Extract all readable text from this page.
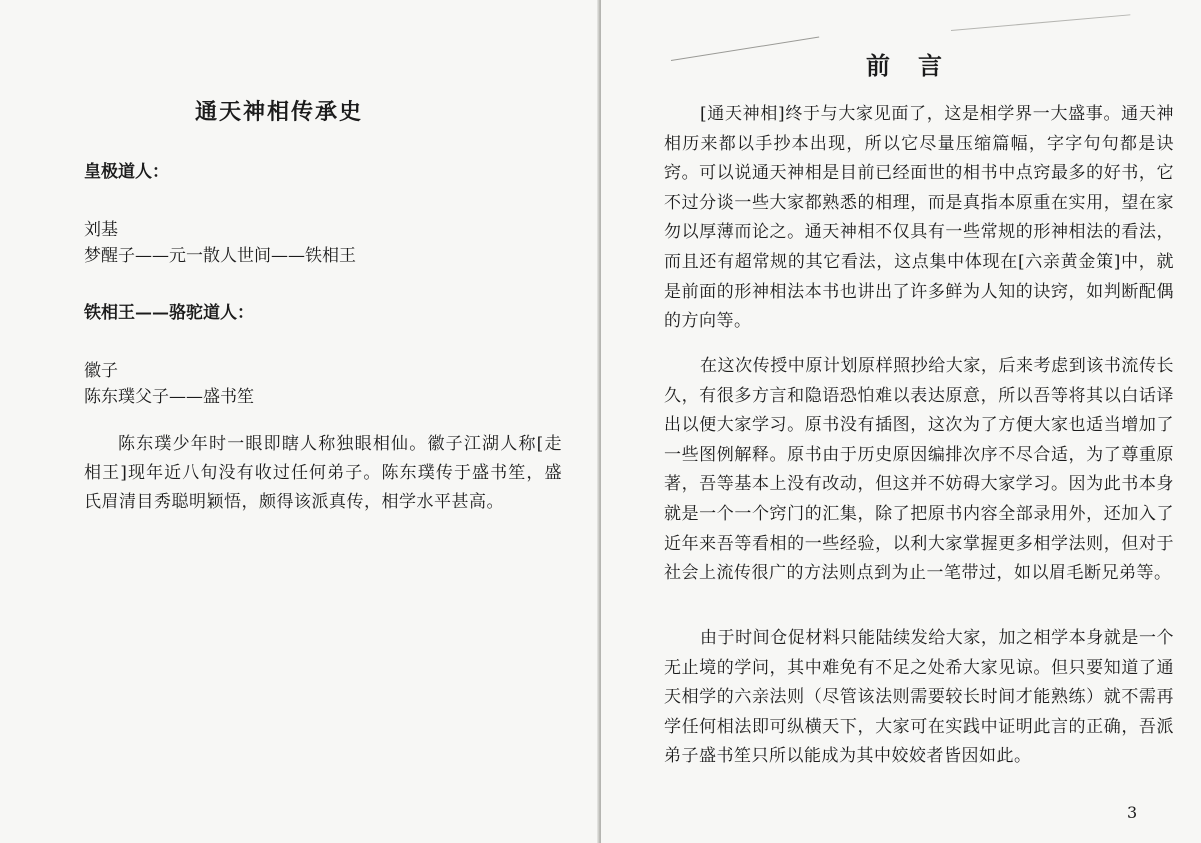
通天神相传承史
皇极道人：
刘基
梦醒子——元一散人世间——铁相王
铁相王——骆驼道人：
徽子
陈东璞父子——盛书笙

陈东璞少年时一眼即瞎人称独眼相仙。徽子江湖人称[走相王]现年近八旬没有收过任何弟子。陈东璞传于盛书笙，盛氏眉清目秀聪明颖悟，颇得该派真传，相学水平甚高。

前　言

[通天神相]终于与大家见面了，这是相学界一大盛事。通天神相历来都以手抄本出现，所以它尽量压缩篇幅，字字句句都是诀窍。可以说通天神相是目前已经面世的相书中点窍最多的好书，它不过分谈一些大家都熟悉的相理，而是真指本原重在实用，望在家勿以厚薄而论之。通天神相不仅具有一些常规的形神相法的看法，而且还有超常规的其它看法，这点集中体现在[六亲黄金策]中，就是前面的形神相法本书也讲出了许多鲜为人知的诀窍，如判断配偶的方向等。

在这次传授中原计划原样照抄给大家，后来考虑到该书流传长久，有很多方言和隐语恐怕难以表达原意，所以吾等将其以白话译出以便大家学习。原书没有插图，这次为了方便大家也适当增加了一些图例解释。原书由于历史原因编排次序不尽合适，为了尊重原著，吾等基本上没有改动，但这并不妨碍大家学习。因为此书本身就是一个一个窍门的汇集，除了把原书内容全部录用外，还加入了近年来吾等看相的一些经验，以利大家掌握更多相学法则，但对于社会上流传很广的方法则点到为止一笔带过，如以眉毛断兄弟等。

由于时间仓促材料只能陆续发给大家，加之相学本身就是一个无止境的学问，其中难免有不足之处希大家见谅。但只要知道了通天相学的六亲法则（尽管该法则需要较长时间才能熟练）就不需再学任何相法即可纵横天下，大家可在实践中证明此言的正确，吾派弟子盛书笙只所以能成为其中姣姣者皆因如此。

3
